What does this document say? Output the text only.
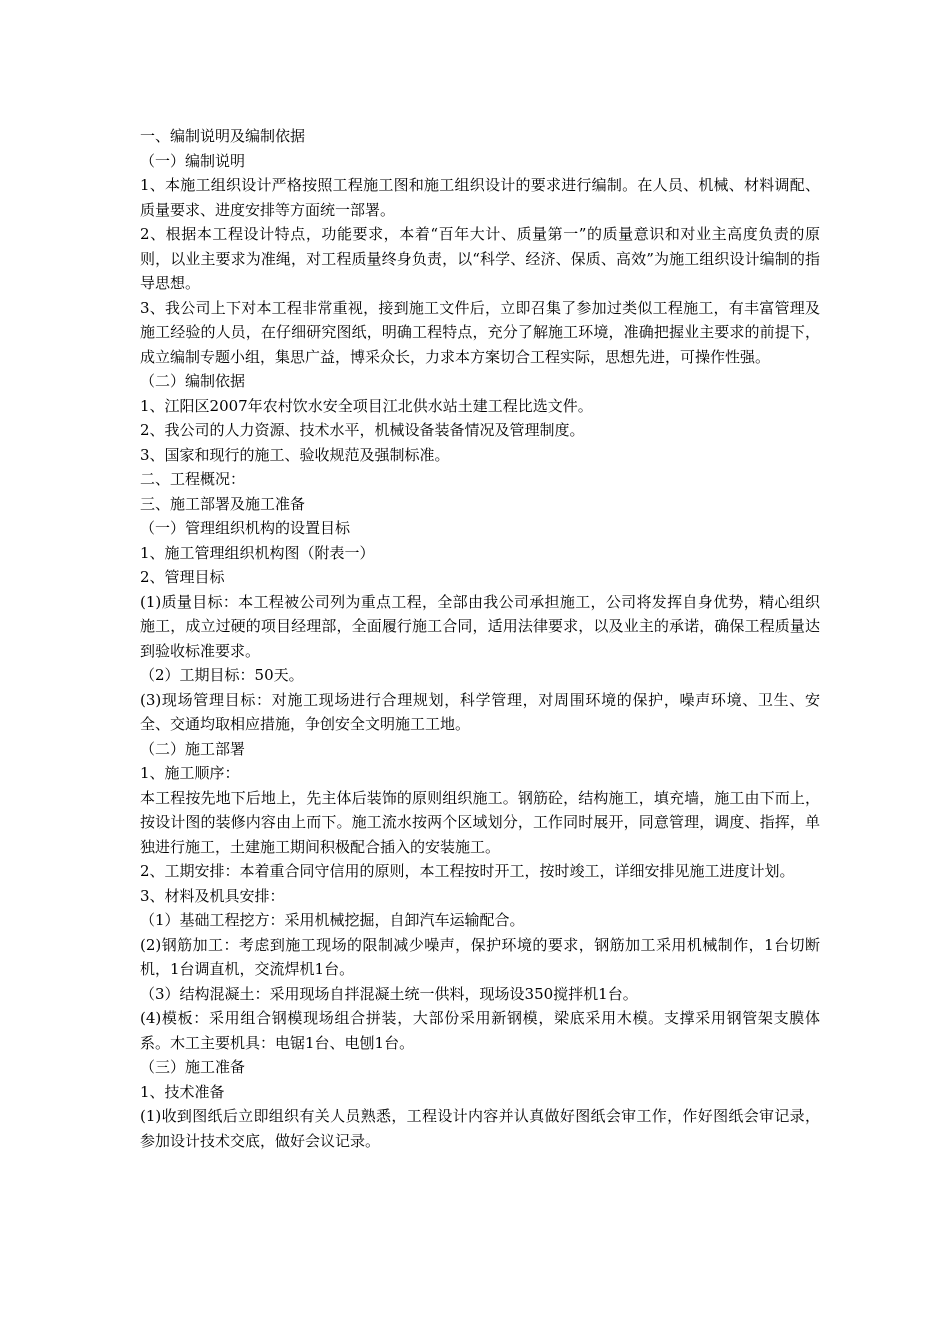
一、编制说明及编制依据

（一）编制说明

1、本施工组织设计严格按照工程施工图和施工组织设计的要求进行编制。在人员、机械、材料调配、质量要求、进度安排等方面统一部署。

2、根据本工程设计特点，功能要求，本着“百年大计、质量第一”的质量意识和对业主高度负责的原则，以业主要求为准绳，对工程质量终身负责，以“科学、经济、保质、高效”为施工组织设计编制的指导思想。

3、我公司上下对本工程非常重视，接到施工文件后，立即召集了参加过类似工程施工，有丰富管理及施工经验的人员，在仔细研究图纸，明确工程特点，充分了解施工环境，准确把握业主要求的前提下，成立编制专题小组，集思广益，博采众长，力求本方案切合工程实际，思想先进，可操作性强。

（二）编制依据

1、江阳区2007年农村饮水安全项目江北供水站土建工程比选文件。

2、我公司的人力资源、技术水平，机械设备装备情况及管理制度。

3、国家和现行的施工、验收规范及强制标准。

二、工程概况：

三、施工部署及施工准备

（一）管理组织机构的设置目标

1、施工管理组织机构图（附表一）

2、管理目标

(1)质量目标：本工程被公司列为重点工程，全部由我公司承担施工，公司将发挥自身优势，精心组织施工，成立过硬的项目经理部，全面履行施工合同，适用法律要求，以及业主的承诺，确保工程质量达到验收标准要求。

（2）工期目标：50天。

(3)现场管理目标：对施工现场进行合理规划，科学管理，对周围环境的保护，噪声环境、卫生、安全、交通均取相应措施，争创安全文明施工工地。

（二）施工部署

1、施工顺序：

本工程按先地下后地上，先主体后装饰的原则组织施工。钢筋砼，结构施工，填充墙，施工由下而上，按设计图的装修内容由上而下。施工流水按两个区域划分，工作同时展开，同意管理，调度、指挥，单独进行施工，土建施工期间积极配合插入的安装施工。

2、工期安排：本着重合同守信用的原则，本工程按时开工，按时竣工，详细安排见施工进度计划。

3、材料及机具安排：

（1）基础工程挖方：采用机械挖掘，自卸汽车运输配合。

(2)钢筋加工：考虑到施工现场的限制减少噪声，保护环境的要求，钢筋加工采用机械制作，1台切断机，1台调直机，交流焊机1台。

（3）结构混凝土：采用现场自拌混凝土统一供料，现场设350搅拌机1台。

(4)模板：采用组合钢模现场组合拼装，大部份采用新钢模，梁底采用木模。支撑采用钢管架支膜体系。木工主要机具：电锯1台、电刨1台。

（三）施工准备

1、技术准备

(1)收到图纸后立即组织有关人员熟悉，工程设计内容并认真做好图纸会审工作，作好图纸会审记录，参加设计技术交底，做好会议记录。
